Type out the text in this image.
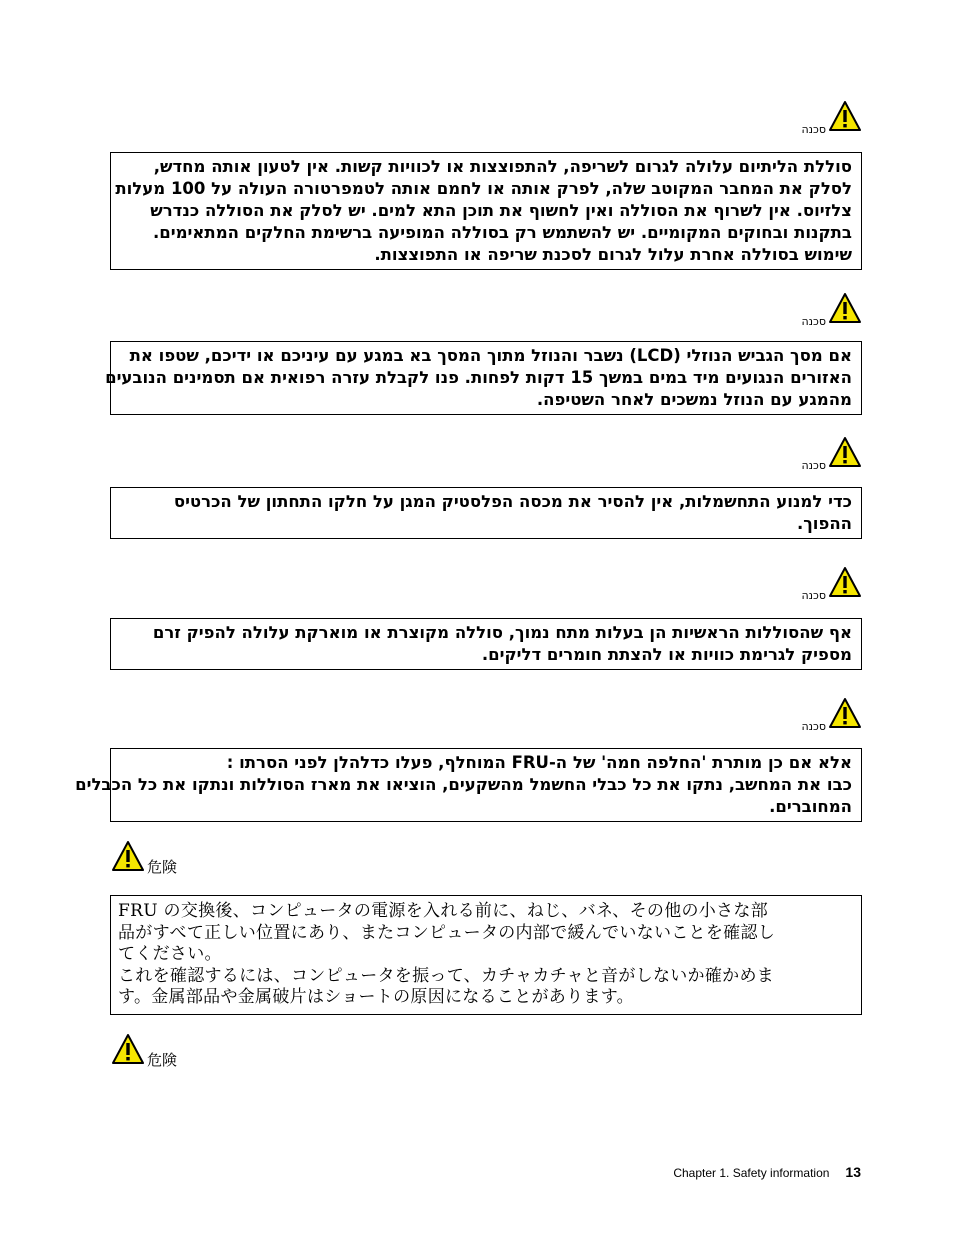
סכנה
סוללת הליתיום עלולה לגרום לשריפה, להתפוצצות או לכוויות קשות. אין לטעון אותה מחדש,
לסלק את המחבר המקוטב שלה, לפרק אותה או לחמם אותה לטמפרטורה העולה על 100 מעלות
צלזיוס. אין לשרוף את הסוללה ואין לחשוף את תוכן התא למים. יש לסלק את הסוללה כנדרש
בתקנות ובחוקים המקומיים. יש להשתמש רק בסוללה המופיעה ברשימת החלקים המתאימים.
שימוש בסוללה אחרת עלול לגרום לסכנת שריפה או התפוצצות.
סכנה
אם מסך הגביש הנוזלי (LCD) נשבר והנוזל מתוך המסך בא במגע עם עיניכם או ידיכם, שטפו את
האזורים הנגועים מיד במים במשך 15 דקות לפחות. פנו לקבלת עזרה רפואית אם תסמינים הנובעים
מהמגע עם הנוזל נמשכים לאחר השטיפה.
סכנה
כדי למנוע התחשמלות, אין להסיר את מכסה הפלסטיק המגן על חלקו התחתון של הכרטיס
ההפוך.
סכנה
אף שהסוללות הראשיות הן בעלות מתח נמוך, סוללה מקוצרת או מוארקת עלולה להפיק זרם
מספיק לגרימת כוויות או להצתת חומרים דליקים.
סכנה
אלא אם כן מותרת 'החלפה חמה' של ה-FRU המוחלף, פעלו כדלהלן לפני הסרתו :
כבו את המחשב, נתקו את כל כבלי החשמל מהשקעים, הוציאו את מארז הסוללות ונתקו את כל הכבלים
המחוברים.
危険
FRU の交換後、コンピュータの電源を入れる前に、ねじ、バネ、その他の小さな部
品がすべて正しい位置にあり、またコンピュータの内部で緩んでいないことを確認し
てください。
これを確認するには、コンピュータを振って、カチャカチャと音がしないか確かめま
す。金属部品や金属破片はショートの原因になることがあります。
危険
Chapter 1. Safety information 13
